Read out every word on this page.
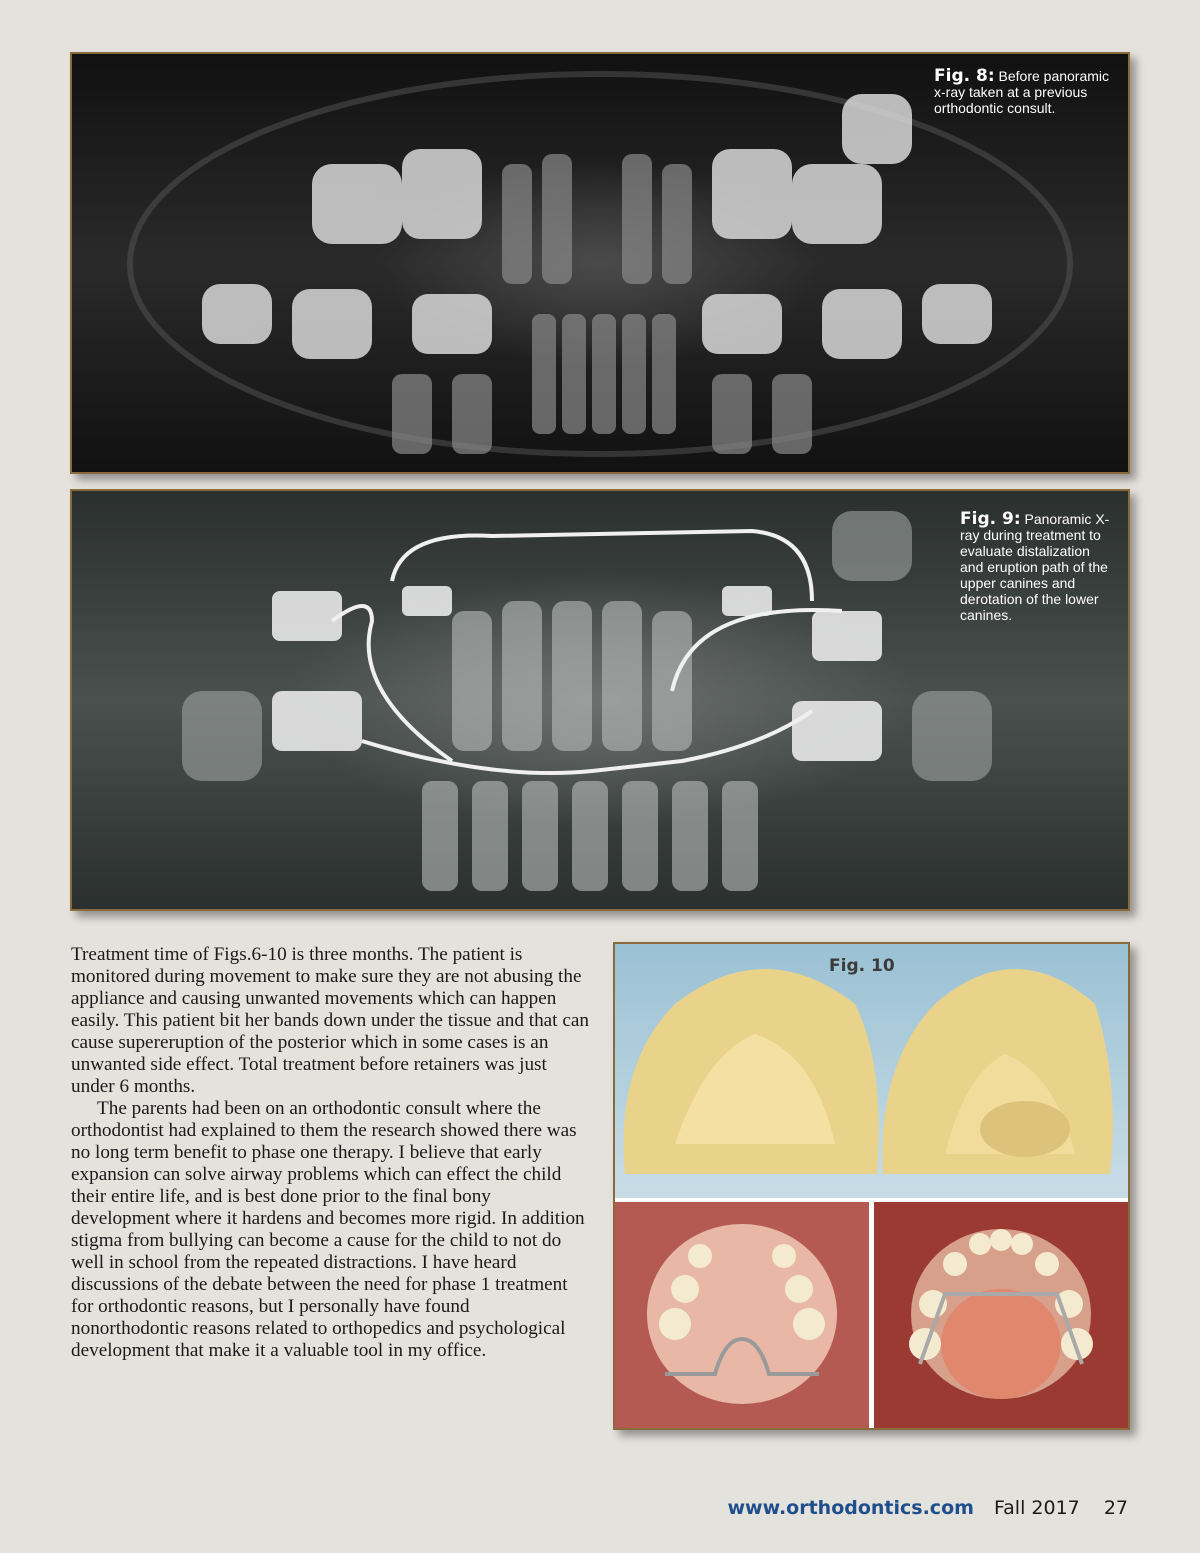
Fig. 8: Before panoramic x-ray taken at a previous orthodontic consult.
Fig. 9: Panoramic X-ray during treatment to evaluate distalization and eruption path of the upper canines and derotation of the lower canines.
Fig. 10

Treatment time of Figs.6-10 is three months. The patient is monitored during movement to make sure they are not abusing the appliance and causing unwanted movements which can happen easily. This patient bit her bands down under the tissue and that can cause supereruption of the posterior which in some cases is an unwanted side effect. Total treatment before retainers was just under 6 months.

The parents had been on an orthodontic consult where the orthodontist had explained to them the research showed there was no long term benefit to phase one therapy. I believe that early expansion can solve airway problems which can effect the child their entire life, and is best done prior to the final bony development where it hardens and becomes more rigid. In addition stigma from bullying can become a cause for the child to not do well in school from the repeated distractions. I have heard discussions of the debate between the need for phase 1 treatment for orthodontic reasons, but I personally have found nonorthodontic reasons related to orthopedics and psychological development that make it a valuable tool in my office.

www.orthodontics.com Fall 2017 27
